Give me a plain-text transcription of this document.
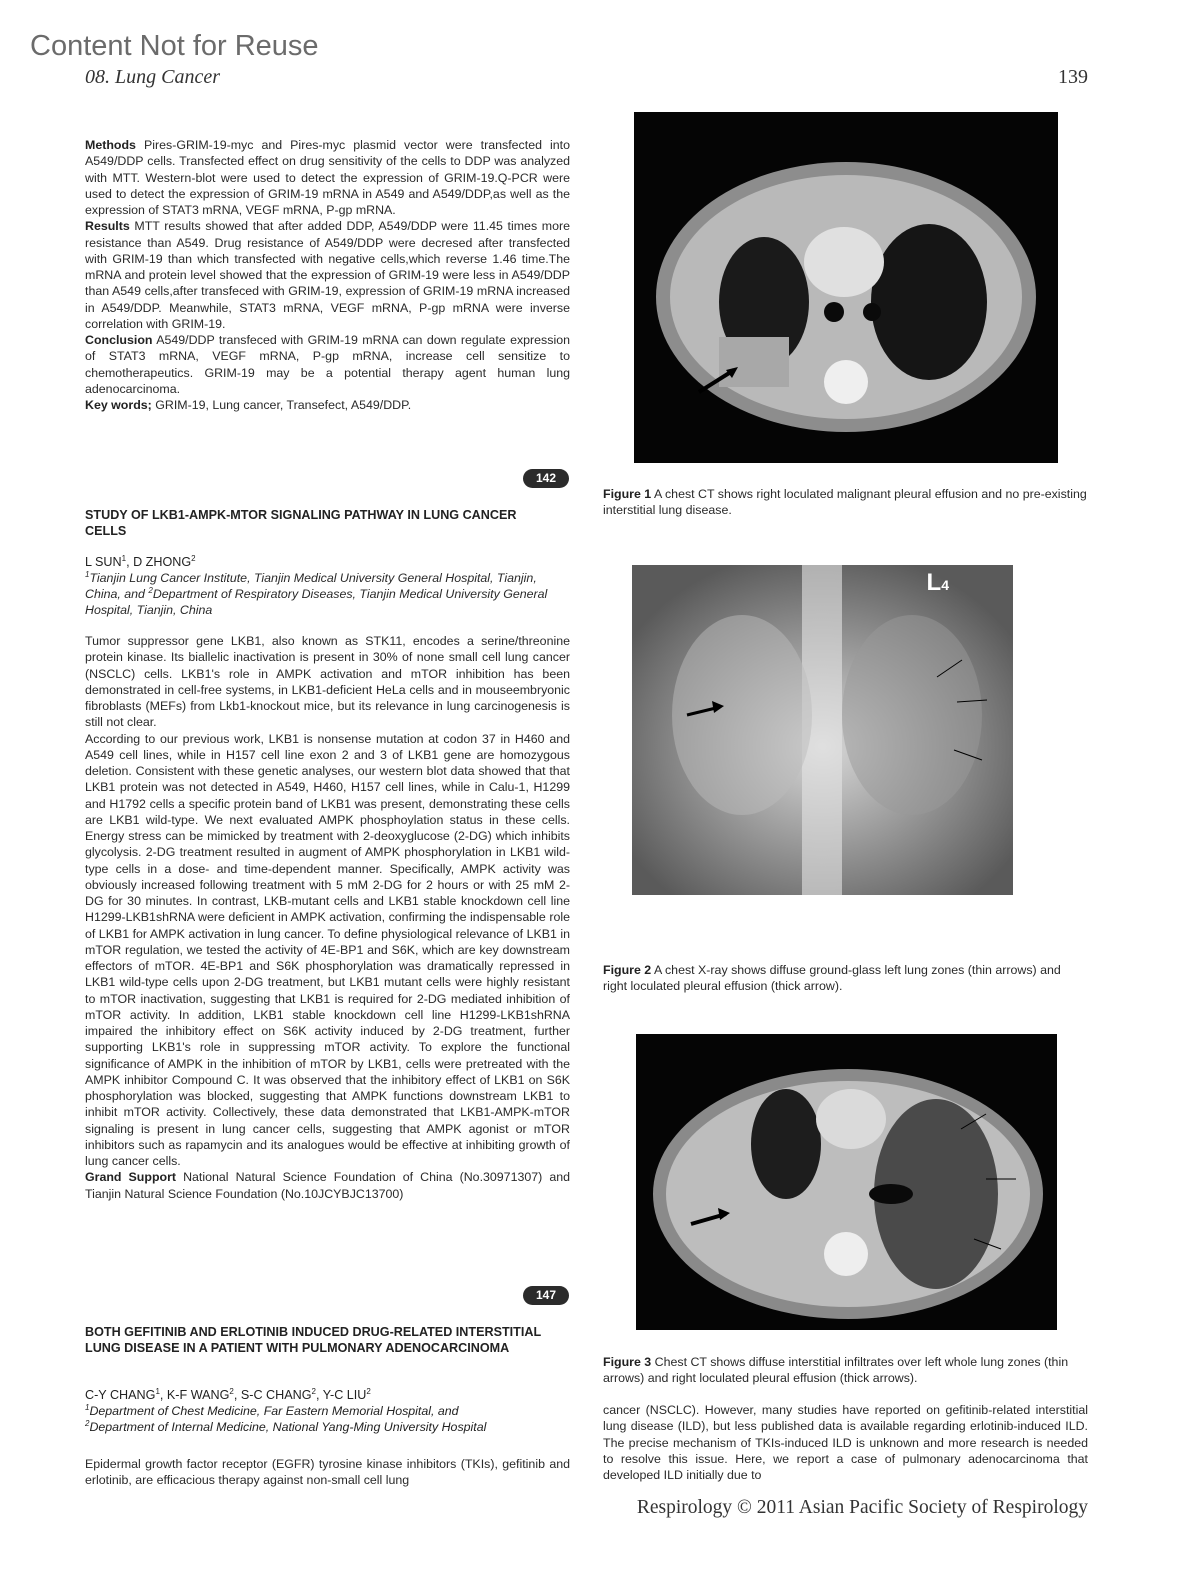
Content Not for Reuse
08. Lung Cancer	139

Methods Pires-GRIM-19-myc and Pires-myc plasmid vector were transfected into A549/DDP cells. Transfected effect on drug sensitivity of the cells to DDP was analyzed with MTT. Western-blot were used to detect the expression of GRIM-19.Q-PCR were used to detect the expression of GRIM-19 mRNA in A549 and A549/DDP,as well as the expression of STAT3 mRNA, VEGF mRNA, P-gp mRNA.

Results MTT results showed that after added DDP, A549/DDP were 11.45 times more resistance than A549. Drug resistance of A549/DDP were decresed after transfected with GRIM-19 than which transfected with negative cells,which reverse 1.46 time.The mRNA and protein level showed that the expression of GRIM-19 were less in A549/DDP than A549 cells,after transfeced with GRIM-19, expression of GRIM-19 mRNA increased in A549/DDP. Meanwhile, STAT3 mRNA, VEGF mRNA, P-gp mRNA were inverse correlation with GRIM-19.

Conclusion A549/DDP transfeced with GRIM-19 mRNA can down regulate expression of STAT3 mRNA, VEGF mRNA, P-gp mRNA, increase cell sensitize to chemotherapeutics. GRIM-19 may be a potential therapy agent human lung adenocarcinoma.

Key words; GRIM-19, Lung cancer, Transefect, A549/DDP.

142
STUDY OF LKB1-AMPK-MTOR SIGNALING PATHWAY IN LUNG CANCER CELLS
L SUN$^1$, D ZHONG$^2$
$^1$Tianjin Lung Cancer Institute, Tianjin Medical University General Hospital, Tianjin, China, and $^2$Department of Respiratory Diseases, Tianjin Medical University General Hospital, Tianjin, China

Tumor suppressor gene LKB1, also known as STK11, encodes a serine/threonine protein kinase. Its biallelic inactivation is present in 30% of none small cell lung cancer (NSCLC) cells. LKB1's role in AMPK activation and mTOR inhibition has been demonstrated in cell-free systems, in LKB1-deficient HeLa cells and in mouseembryonic fibroblasts (MEFs) from Lkb1-knockout mice, but its relevance in lung carcinogenesis is still not clear.

According to our previous work, LKB1 is nonsense mutation at codon 37 in H460 and A549 cell lines, while in H157 cell line exon 2 and 3 of LKB1 gene are homozygous deletion. Consistent with these genetic analyses, our western blot data showed that that LKB1 protein was not detected in A549, H460, H157 cell lines, while in Calu-1, H1299 and H1792 cells a specific protein band of LKB1 was present, demonstrating these cells are LKB1 wild-type. We next evaluated AMPK phosphoylation status in these cells. Energy stress can be mimicked by treatment with 2-deoxyglucose (2-DG) which inhibits glycolysis. 2-DG treatment resulted in augment of AMPK phosphorylation in LKB1 wild-type cells in a dose- and time-dependent manner. Specifically, AMPK activity was obviously increased following treatment with 5 mM 2-DG for 2 hours or with 25 mM 2-DG for 30 minutes. In contrast, LKB-mutant cells and LKB1 stable knockdown cell line H1299-LKB1shRNA were deficient in AMPK activation, confirming the indispensable role of LKB1 for AMPK activation in lung cancer. To define physiological relevance of LKB1 in mTOR regulation, we tested the activity of 4E-BP1 and S6K, which are key downstream effectors of mTOR. 4E-BP1 and S6K phosphorylation was dramatically repressed in LKB1 wild-type cells upon 2-DG treatment, but LKB1 mutant cells were highly resistant to mTOR inactivation, suggesting that LKB1 is required for 2-DG mediated inhibition of mTOR activity. In addition, LKB1 stable knockdown cell line H1299-LKB1shRNA impaired the inhibitory effect on S6K activity induced by 2-DG treatment, further supporting LKB1's role in suppressing mTOR activity. To explore the functional significance of AMPK in the inhibition of mTOR by LKB1, cells were pretreated with the AMPK inhibitor Compound C. It was observed that the inhibitory effect of LKB1 on S6K phosphorylation was blocked, suggesting that AMPK functions downstream LKB1 to inhibit mTOR activity. Collectively, these data demonstrated that LKB1-AMPK-mTOR signaling is present in lung cancer cells, suggesting that AMPK agonist or mTOR inhibitors such as rapamycin and its analogues would be effective at inhibiting growth of lung cancer cells.

Grand Support National Natural Science Foundation of China (No.30971307) and Tianjin Natural Science Foundation (No.10JCYBJC13700)

147
BOTH GEFITINIB AND ERLOTINIB INDUCED DRUG-RELATED INTERSTITIAL LUNG DISEASE IN A PATIENT WITH PULMONARY ADENOCARCINOMA
C-Y CHANG$^1$, K-F WANG$^2$, S-C CHANG$^2$, Y-C LIU$^2$
$^1$Department of Chest Medicine, Far Eastern Memorial Hospital, and
$^2$Department of Internal Medicine, National Yang-Ming University Hospital

Epidermal growth factor receptor (EGFR) tyrosine kinase inhibitors (TKIs), gefitinib and erlotinib, are efficacious therapy against non-small cell lung

cancer (NSCLC). However, many studies have reported on gefitinib-related interstitial lung disease (ILD), but less published data is available regarding erlotinib-induced ILD. The precise mechanism of TKIs-induced ILD is unknown and more research is needed to resolve this issue. Here, we report a case of pulmonary adenocarcinoma that developed ILD initially due to

Figure 1 A chest CT shows right loculated malignant pleural effusion and no pre-existing interstitial lung disease.
L4
Figure 2 A chest X-ray shows diffuse ground-glass left lung zones (thin arrows) and right loculated pleural effusion (thick arrow).
Figure 3 Chest CT shows diffuse interstitial infiltrates over left whole lung zones (thin arrows) and right loculated pleural effusion (thick arrows).
Respirology © 2011 Asian Pacific Society of Respirology
